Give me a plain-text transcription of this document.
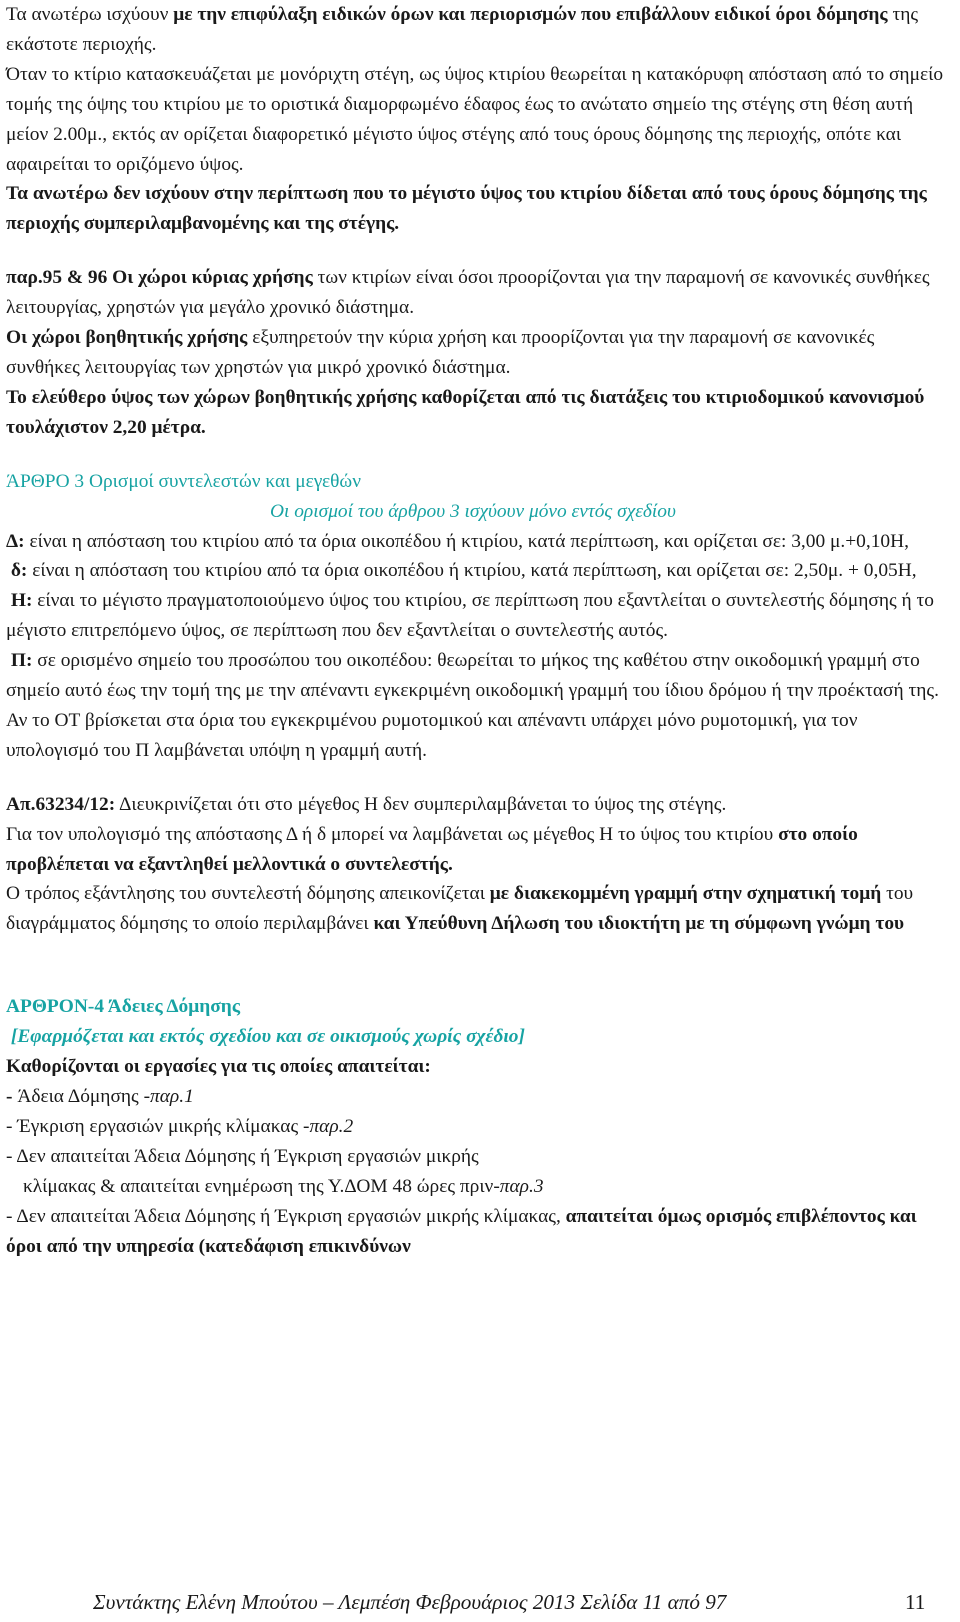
Τα ανωτέρω ισχύουν με την επιφύλαξη ειδικών όρων και περιορισμών που επιβάλλουν ειδικοί όροι δόμησης της εκάστοτε περιοχής.

Όταν το κτίριο κατασκευάζεται με μονόριχτη στέγη, ως ύψος κτιρίου θεωρείται η κατακόρυφη απόσταση από το σημείο τομής της όψης του κτιρίου με το οριστικά διαμορφωμένο έδαφος έως το ανώτατο σημείο της στέγης στη θέση αυτή μείον 2.00μ., εκτός αν ορίζεται διαφορετικό μέγιστο ύψος στέγης από τους όρους δόμησης της περιοχής, οπότε και αφαιρείται το οριζόμενο ύψος.

Τα ανωτέρω δεν ισχύουν στην περίπτωση που το μέγιστο ύψος του κτιρίου δίδεται από τους όρους δόμησης της περιοχής συμπεριλαμβανομένης και της στέγης.

παρ.95 & 96 Οι χώροι κύριας χρήσης των κτιρίων είναι όσοι προορίζονται για την παραμονή σε κανονικές συνθήκες λειτουργίας, χρηστών για μεγάλο χρονικό διάστημα.

Οι χώροι βοηθητικής χρήσης εξυπηρετούν την κύρια χρήση και προορίζονται για την παραμονή σε κανονικές συνθήκες λειτουργίας των χρηστών για μικρό χρονικό διάστημα.

Το ελεύθερο ύψος των χώρων βοηθητικής χρήσης καθορίζεται από τις διατάξεις του κτιριοδομικού κανονισμού τουλάχιστον 2,20 μέτρα.

ΆΡΘΡΟ 3 Ορισμοί συντελεστών και μεγεθών

Οι ορισμοί του άρθρου 3 ισχύουν μόνο εντός σχεδίου

Δ: είναι η απόσταση του κτιρίου από τα όρια οικοπέδου ή κτιρίου, κατά περίπτωση, και ορίζεται σε: 3,00 μ.+0,10Η,

δ: είναι η απόσταση του κτιρίου από τα όρια οικοπέδου ή κτιρίου, κατά περίπτωση, και ορίζεται σε: 2,50μ. + 0,05Η,

Η: είναι το μέγιστο πραγματοποιούμενο ύψος του κτιρίου, σε περίπτωση που εξαντλείται ο συντελεστής δόμησης ή το μέγιστο επιτρεπόμενο ύψος, σε περίπτωση που δεν εξαντλείται ο συντελεστής αυτός.

Π: σε ορισμένο σημείο του προσώπου του οικοπέδου: θεωρείται το μήκος της καθέτου στην οικοδομική γραμμή στο σημείο αυτό έως την τομή της με την απέναντι εγκεκριμένη οικοδομική γραμμή του ίδιου δρόμου ή την προέκτασή της.

Αν το ΟΤ βρίσκεται στα όρια του εγκεκριμένου ρυμοτομικού και απέναντι υπάρχει μόνο ρυμοτομική, για τον υπολογισμό του Π λαμβάνεται υπόψη η γραμμή αυτή.

Απ.63234/12: Διευκρινίζεται ότι στο μέγεθος Η δεν συμπεριλαμβάνεται το ύψος της στέγης.

Για τον υπολογισμό της απόστασης Δ ή δ μπορεί να λαμβάνεται ως μέγεθος Η το ύψος του κτιρίου στο οποίο προβλέπεται να εξαντληθεί μελλοντικά ο συντελεστής.

Ο τρόπος εξάντλησης του συντελεστή δόμησης απεικονίζεται με διακεκομμένη γραμμή στην σχηματική τομή του διαγράμματος δόμησης το οποίο περιλαμβάνει και Υπεύθυνη Δήλωση του ιδιοκτήτη με τη σύμφωνη γνώμη του

ΑΡΘΡΟΝ-4 Άδειες Δόμησης

[Εφαρμόζεται και εκτός σχεδίου και σε οικισμούς χωρίς σχέδιο]

Καθορίζονται οι εργασίες για τις οποίες απαιτείται:

- Άδεια Δόμησης -παρ.1

- Έγκριση εργασιών μικρής κλίμακας -παρ.2

- Δεν απαιτείται Άδεια Δόμησης ή Έγκριση εργασιών μικρής

κλίμακας & απαιτείται ενημέρωση της Υ.ΔΟΜ 48 ώρες πριν-παρ.3

- Δεν απαιτείται Άδεια Δόμησης ή Έγκριση εργασιών μικρής κλίμακας, απαιτείται όμως ορισμός επιβλέποντος και όροι από την υπηρεσία (κατεδάφιση επικινδύνων

Συντάκτης Ελένη Μπούτου – Λεμπέση Φεβρουάριος 2013 Σελίδα 11 από 97	11
